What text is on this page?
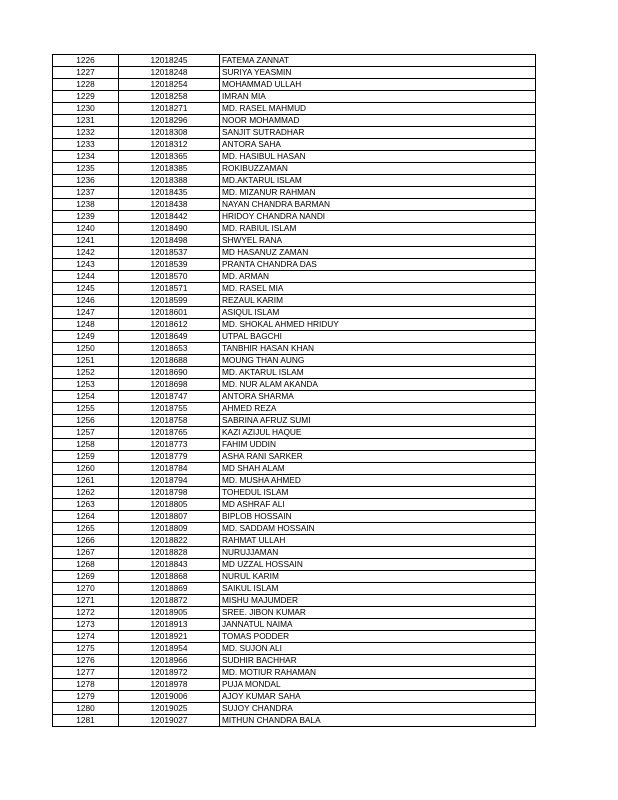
1226	12018245	FATEMA ZANNAT
1227	12018248	SURIYA YEASMIN
1228	12018254	MOHAMMAD ULLAH
1229	12018258	IMRAN MIA
1230	12018271	MD. RASEL MAHMUD
1231	12018296	NOOR MOHAMMAD
1232	12018308	SANJIT SUTRADHAR
1233	12018312	ANTORA SAHA
1234	12018365	MD. HASIBUL HASAN
1235	12018385	ROKIBUZZAMAN
1236	12018388	MD.AKTARUL ISLAM
1237	12018435	MD. MIZANUR RAHMAN
1238	12018438	NAYAN CHANDRA BARMAN
1239	12018442	HRIDOY CHANDRA NANDI
1240	12018490	MD. RABIUL ISLAM
1241	12018498	SHWYEL RANA
1242	12018537	MD HASANUZ ZAMAN
1243	12018539	PRANTA CHANDRA DAS
1244	12018570	MD. ARMAN
1245	12018571	MD. RASEL MIA
1246	12018599	REZAUL KARIM
1247	12018601	ASIQUL ISLAM
1248	12018612	MD. SHOKAL AHMED HRIDUY
1249	12018649	UTPAL BAGCHI
1250	12018653	TANBHIR HASAN KHAN
1251	12018688	MOUNG THAN AUNG
1252	12018690	MD. AKTARUL ISLAM
1253	12018698	MD. NUR ALAM AKANDA
1254	12018747	ANTORA SHARMA
1255	12018755	AHMED REZA
1256	12018758	SABRINA AFRUZ SUMI
1257	12018765	KAZI AZIJUL HAQUE
1258	12018773	FAHIM UDDIN
1259	12018779	ASHA RANI SARKER
1260	12018784	MD SHAH ALAM
1261	12018794	MD. MUSHA AHMED
1262	12018798	TOHEDUL ISLAM
1263	12018805	MD ASHRAF ALI
1264	12018807	BIPLOB HOSSAIN
1265	12018809	MD. SADDAM HOSSAIN
1266	12018822	RAHMAT ULLAH
1267	12018828	NURUJJAMAN
1268	12018843	MD UZZAL HOSSAIN
1269	12018868	NURUL KARIM
1270	12018869	SAIKUL ISLAM
1271	12018872	MISHU MAJUMDER
1272	12018905	SREE. JIBON KUMAR
1273	12018913	JANNATUL NAIMA
1274	12018921	TOMAS PODDER
1275	12018954	MD. SUJON ALI
1276	12018966	SUDHIR BACHHAR
1277	12018972	MD. MOTIUR RAHAMAN
1278	12018978	PUJA MONDAL
1279	12019006	AJOY KUMAR SAHA
1280	12019025	SUJOY CHANDRA
1281	12019027	MITHUN CHANDRA BALA
